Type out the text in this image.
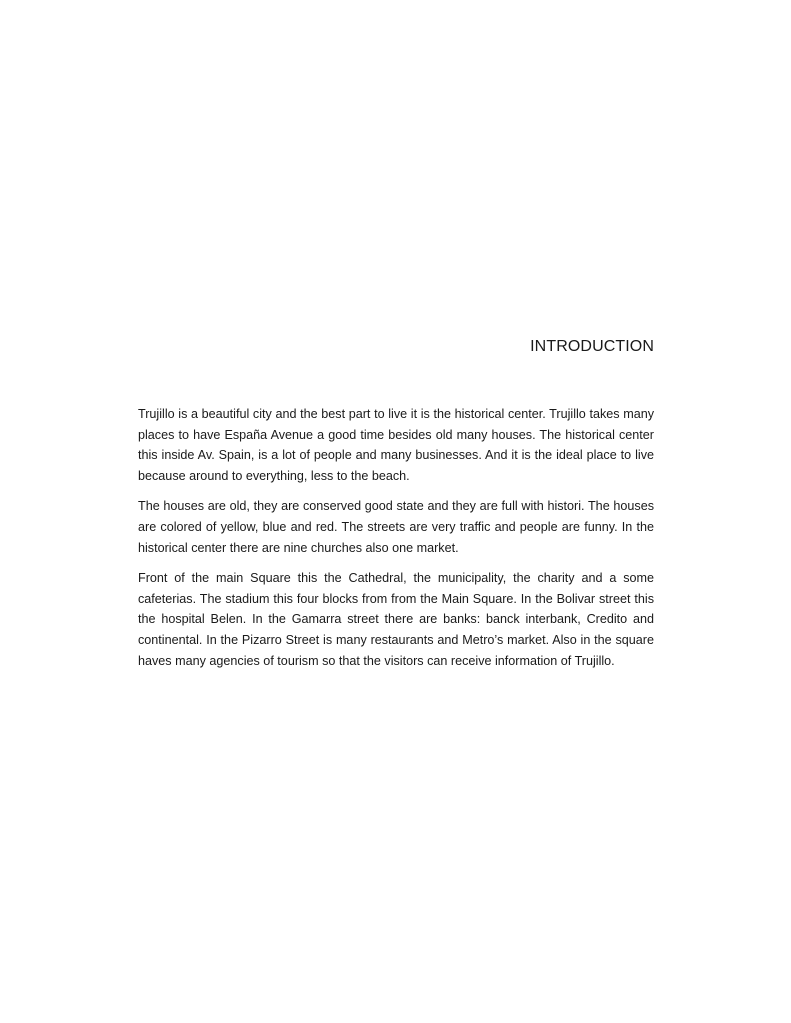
INTRODUCTION

Trujillo is a beautiful city and the best part to live it is the historical center. Trujillo takes many places to have España Avenue a good time besides old many houses. The historical center this inside Av. Spain, is a lot of people and many businesses. And it is the ideal place to live because around to everything, less to the beach.

The houses are old, they are conserved good state and they are full with histori. The houses are colored of yellow, blue and red. The streets are very traffic and people are funny. In the historical center there are nine churches also one market.

Front of the main Square this the Cathedral, the municipality, the charity and a some cafeterias. The stadium this four blocks from from the Main Square. In the Bolivar street this the hospital Belen. In the Gamarra street there are banks: banck interbank, Credito and continental. In the Pizarro Street is many restaurants and Metro’s market. Also in the square haves many agencies of tourism so that the visitors can receive information of Trujillo.
